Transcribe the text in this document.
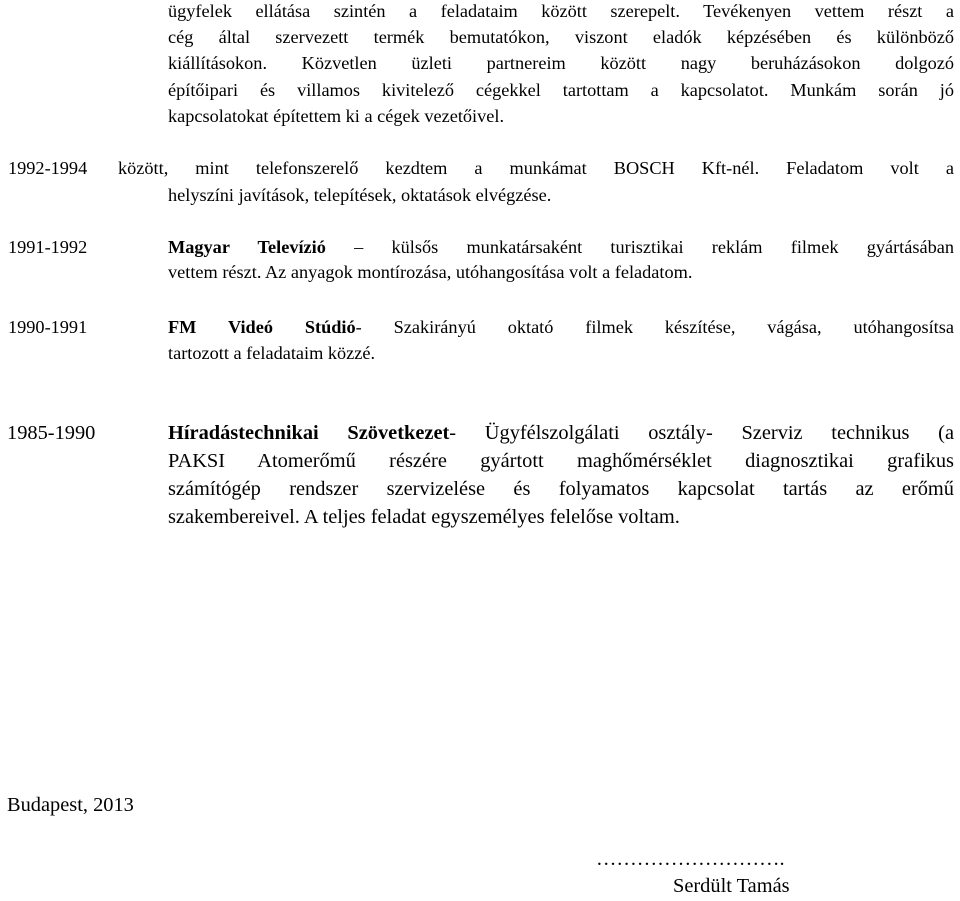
ügyfelek ellátása szintén a feladataim között szerepelt. Tevékenyen vettem részt a
cég által szervezett termék bemutatókon, viszont eladók képzésében és különböző
kiállításokon. Közvetlen üzleti partnereim között nagy beruházásokon dolgozó
építőipari és villamos kivitelező cégekkel tartottam a kapcsolatot. Munkám során jó
kapcsolatokat építettem ki a cégek vezetőivel.
1992-1994 között, mint telefonszerelő kezdtem a munkámat BOSCH Kft-nél. Feladatom volt a
helyszíni javítások, telepítések, oktatások elvégzése.
1991-1992	Magyar Televízió – külsős munkatársaként turisztikai reklám filmek gyártásában
vettem részt. Az anyagok montírozása, utóhangosítása volt a feladatom.
1990-1991	FM Videó Stúdió- Szakirányú oktató filmek készítése, vágása, utóhangosítsa
tartozott a feladataim közzé.
1985-1990	Híradástechnikai Szövetkezet- Ügyfélszolgálati osztály- Szerviz technikus (a
PAKSI Atomerőmű részére gyártott maghőmérséklet diagnosztikai grafikus
számítógép rendszer szervizelése és folyamatos kapcsolat tartás az erőmű
szakembereivel. A teljes feladat egyszemélyes felelőse voltam.
Budapest, 2013
……………………….
Serdült Tamás
